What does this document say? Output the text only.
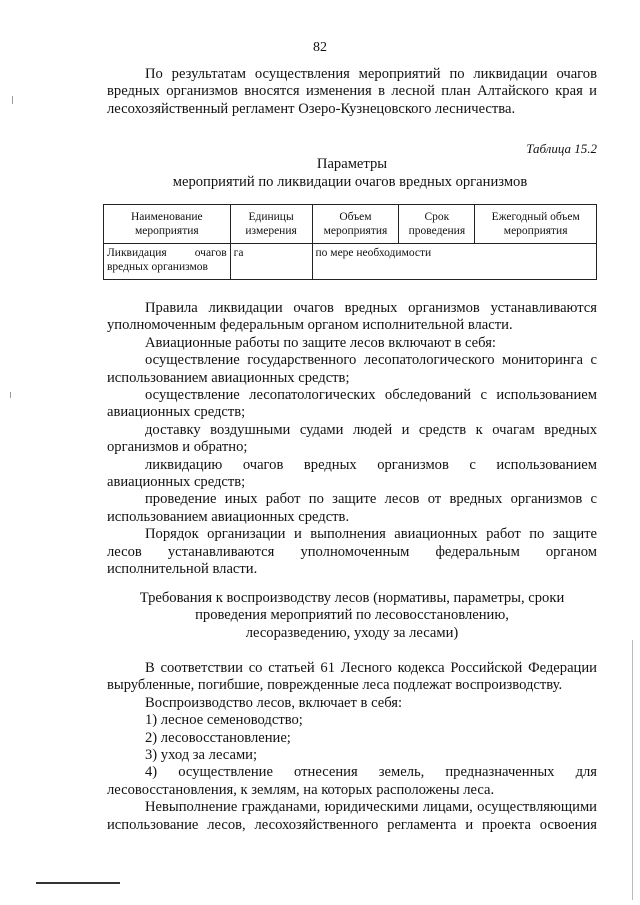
82

По результатам осуществления мероприятий по ликвидации очагов вредных организмов вносятся изменения в лесной план Алтайского края и лесохозяйственный регламент Озеро-Кузнецовского лесничества.

Таблица 15.2
Параметры
мероприятий по ликвидации очагов вредных организмов
Наименование мероприятия	Единицы измерения	Объем мероприятия	Срок проведения	Ежегодный объем мероприятия
Ликвидация очагов вредных организмов	га	по мере необходимости		

Правила ликвидации очагов вредных организмов устанавливаются уполномоченным федеральным органом исполнительной власти.

Авиационные работы по защите лесов включают в себя:

осуществление государственного лесопатологического мониторинга с использованием авиационных средств;

осуществление лесопатологических обследований с использованием авиационных средств;

доставку воздушными судами людей и средств к очагам вредных организмов и обратно;

ликвидацию очагов вредных организмов с использованием авиационных средств;

проведение иных работ по защите лесов от вредных организмов с использованием авиационных средств.

Порядок организации и выполнения авиационных работ по защите лесов устанавливаются уполномоченным федеральным органом исполнительной власти.

Требования к воспроизводству лесов (нормативы, параметры, сроки

проведения мероприятий по лесовосстановлению,

лесоразведению, уходу за лесами)

В соответствии со статьей 61 Лесного кодекса Российской Федерации вырубленные, погибшие, поврежденные леса подлежат воспроизводству.

Воспроизводство лесов, включает в себя:

1) лесное семеноводство;

2) лесовосстановление;

3) уход за лесами;

4) осуществление отнесения земель, предназначенных для лесовосстановления, к землям, на которых расположены леса.

Невыполнение гражданами, юридическими лицами, осуществляющими использование лесов, лесохозяйственного регламента и проекта освоения
